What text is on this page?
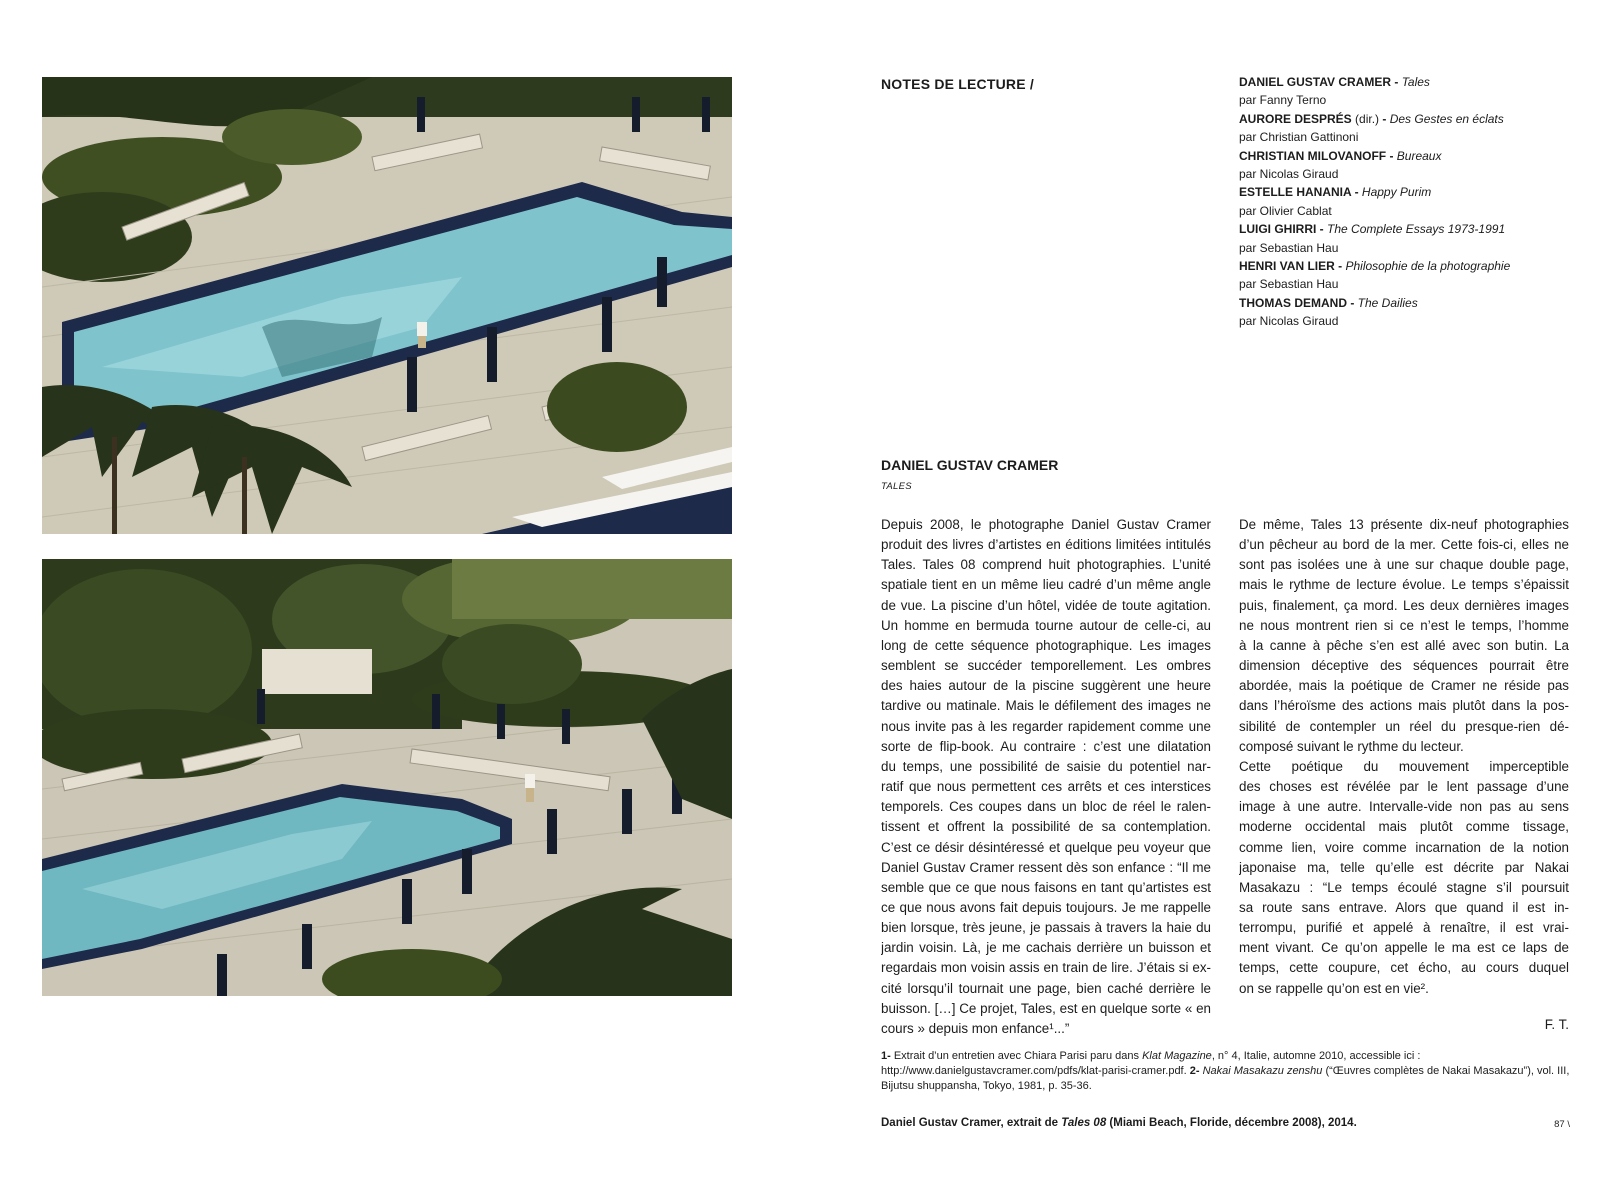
NOTES DE LECTURE /	DANIEL GUSTAV CRAMER - Tales
par Fanny Terno
AURORE DESPRÉS (dir.) - Des Gestes en éclats
par Christian Gattinoni
CHRISTIAN MILOVANOFF - Bureaux
par Nicolas Giraud
ESTELLE HANANIA - Happy Purim
par Olivier Cablat
LUIGI GHIRRI - The Complete Essays 1973-1991
par Sebastian Hau
HENRI VAN LIER - Philosophie de la photographie
par Sebastian Hau
THOMAS DEMAND - The Dailies
par Nicolas Giraud
DANIEL GUSTAV CRAMER
TALES
Depuis 2008, le photographe Daniel Gustav Cramer
produit des livres d’artistes en éditions limitées intitulés
Tales. Tales 08 comprend huit photographies. L’unité
spatiale tient en un même lieu cadré d’un même angle
de vue. La piscine d’un hôtel, vidée de toute agitation.
Un homme en bermuda tourne autour de celle-ci, au
long de cette séquence photographique. Les images
semblent se succéder temporellement. Les ombres
des haies autour de la piscine suggèrent une heure
tardive ou matinale. Mais le défilement des images ne
nous invite pas à les regarder rapidement comme une
sorte de flip-book. Au contraire : c’est une dilatation
du temps, une possibilité de saisie du potentiel nar-
ratif que nous permettent ces arrêts et ces interstices
temporels. Ces coupes dans un bloc de réel le ralen-
tissent et offrent la possibilité de sa contemplation.
C’est ce désir désintéressé et quelque peu voyeur que
Daniel Gustav Cramer ressent dès son enfance : “Il me
semble que ce que nous faisons en tant qu’artistes est
ce que nous avons fait depuis toujours. Je me rappelle
bien lorsque, très jeune, je passais à travers la haie du
jardin voisin. Là, je me cachais derrière un buisson et
regardais mon voisin assis en train de lire. J’étais si ex-
cité lorsqu’il tournait une page, bien caché derrière le
buisson. […] Ce projet, Tales, est en quelque sorte « en
cours » depuis mon enfance¹...”
De même, Tales 13 présente dix-neuf photographies
d’un pêcheur au bord de la mer. Cette fois-ci, elles ne
sont pas isolées une à une sur chaque double page,
mais le rythme de lecture évolue. Le temps s’épaissit
puis, finalement, ça mord. Les deux dernières images
ne nous montrent rien si ce n’est le temps, l’homme
à la canne à pêche s’en est allé avec son butin. La
dimension déceptive des séquences pourrait être
abordée, mais la poétique de Cramer ne réside pas
dans l’héroïsme des actions mais plutôt dans la pos-
sibilité de contempler un réel du presque-rien dé-
composé suivant le rythme du lecteur.
Cette poétique du mouvement imperceptible
des choses est révélée par le lent passage d’une
image à une autre. Intervalle-vide non pas au sens
moderne occidental mais plutôt comme tissage,
comme lien, voire comme incarnation de la notion
japonaise ma, telle qu’elle est décrite par Nakai
Masakazu : “Le temps écoulé stagne s’il poursuit
sa route sans entrave. Alors que quand il est in-
terrompu, purifié et appelé à renaître, il est vrai-
ment vivant. Ce qu’on appelle le ma est ce laps de
temps, cette coupure, cet écho, au cours duquel
on se rappelle qu’on est en vie².
F. T.
1- Extrait d’un entretien avec Chiara Parisi paru dans Klat Magazine, n° 4, Italie, automne 2010, accessible ici : http://www.danielgustavcramer.com/pdfs/klat-parisi-cramer.pdf. 2- Nakai Masakazu zenshu (“Œuvres complètes de Nakai Masakazu”), vol. III, Bijutsu shuppansha, Tokyo, 1981, p. 35-36.
Daniel Gustav Cramer, extrait de Tales 08 (Miami Beach, Floride, décembre 2008), 2014.	87 \
